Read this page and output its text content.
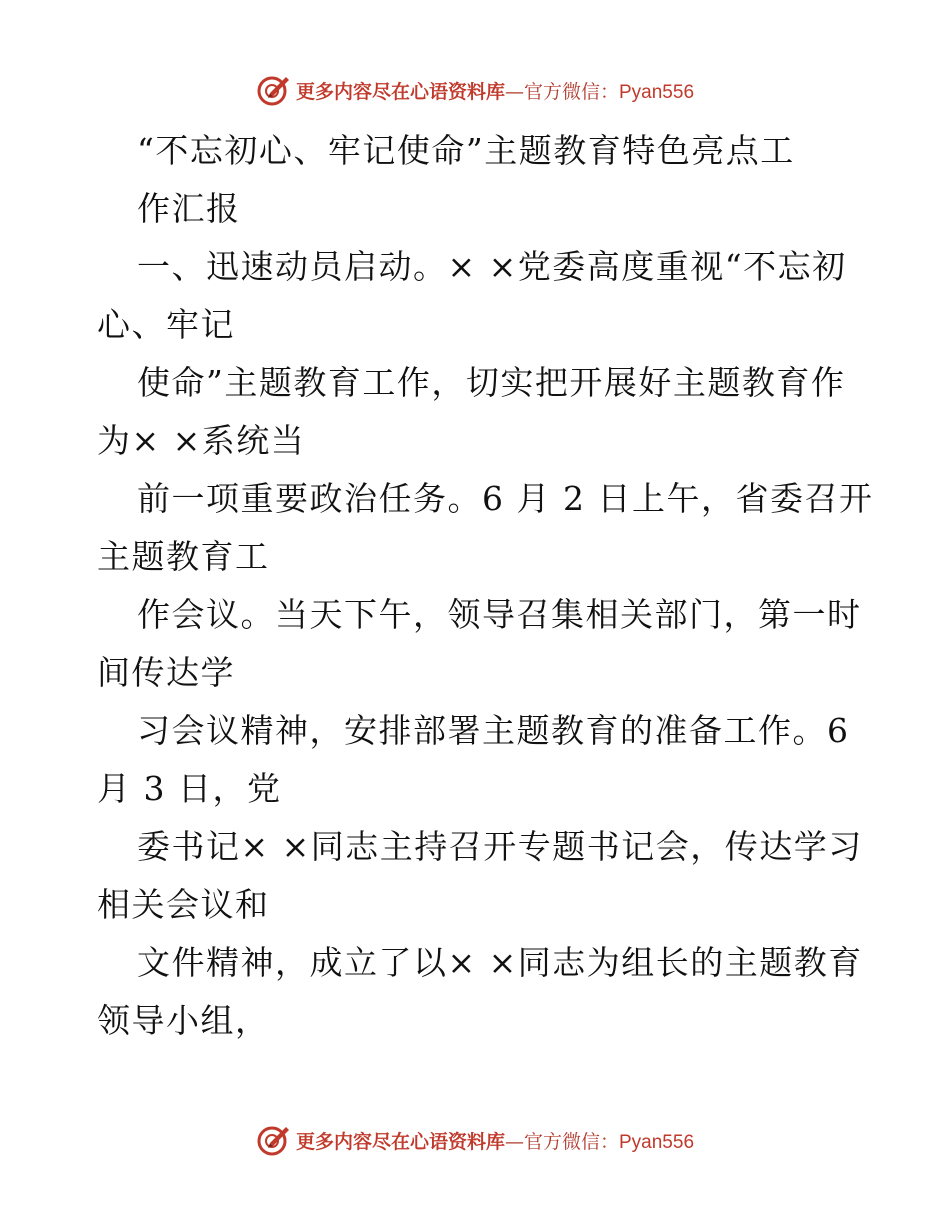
更多内容尽在心语资料库 — 官方微信： Pyan556
“不忘初心、牢记使命”主题教育特色亮点工
作汇报
一、迅速动员启动。× ×党委高度重视“不忘初
心、牢记
使命”主题教育工作，切实把开展好主题教育作
为× ×系统当
前一项重要政治任务。6 月 2 日上午，省委召开
主题教育工
作会议。当天下午，领导召集相关部门，第一时
间传达学
习会议精神，安排部署主题教育的准备工作。6
月 3 日，党
委书记× ×同志主持召开专题书记会，传达学习
相关会议和
文件精神，成立了以× ×同志为组长的主题教育
领导小组，
更多内容尽在心语资料库 — 官方微信： Pyan556
